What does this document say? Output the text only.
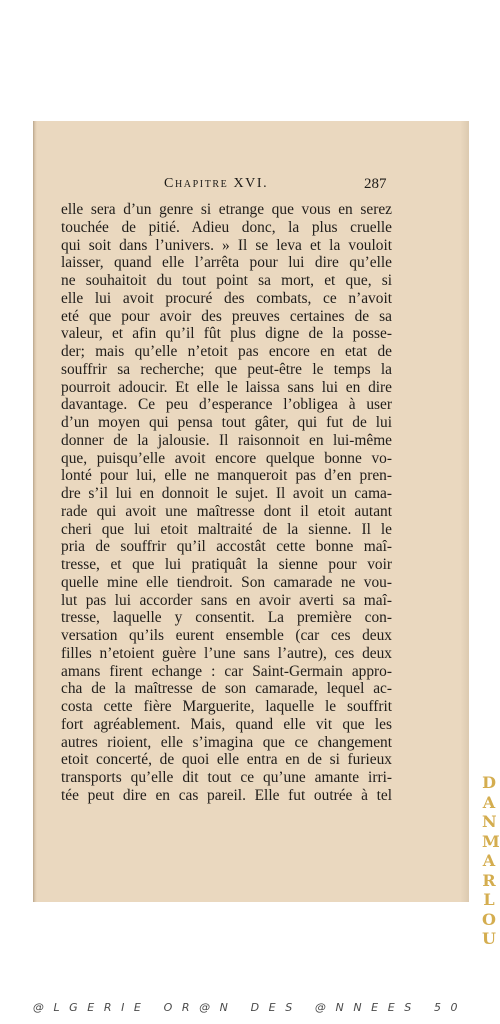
Chapitre XVI.	287
elle sera d’un genre si etrange que vous en serez
touchée de pitié. Adieu donc, la plus cruelle
qui soit dans l’univers. » Il se leva et la vouloit
laisser, quand elle l’arrêta pour lui dire qu’elle
ne souhaitoit du tout point sa mort, et que, si
elle lui avoit procuré des combats, ce n’avoit
eté que pour avoir des preuves certaines de sa
valeur, et afin qu’il fût plus digne de la posse-
der; mais qu’elle n’etoit pas encore en etat de
souffrir sa recherche; que peut-être le temps la
pourroit adoucir. Et elle le laissa sans lui en dire
davantage. Ce peu d’esperance l’obligea à user
d’un moyen qui pensa tout gâter, qui fut de lui
donner de la jalousie. Il raisonnoit en lui-même
que, puisqu’elle avoit encore quelque bonne vo-
lonté pour lui, elle ne manqueroit pas d’en pren-
dre s’il lui en donnoit le sujet. Il avoit un cama-
rade qui avoit une maîtresse dont il etoit autant
cheri que lui etoit maltraité de la sienne. Il le
pria de souffrir qu’il accostât cette bonne maî-
tresse, et que lui pratiquât la sienne pour voir
quelle mine elle tiendroit. Son camarade ne vou-
lut pas lui accorder sans en avoir averti sa maî-
tresse, laquelle y consentit. La première con-
versation qu’ils eurent ensemble (car ces deux
filles n’etoient guère l’une sans l’autre), ces deux
amans firent echange : car Saint-Germain appro-
cha de la maîtresse de son camarade, lequel ac-
costa cette fière Marguerite, laquelle le souffrit
fort agréablement. Mais, quand elle vit que les
autres rioient, elle s’imagina que ce changement
etoit concerté, de quoi elle entra en de si furieux
transports qu’elle dit tout ce qu’une amante irri-
tée peut dire en cas pareil. Elle fut outrée à tel
D
A
N
M
A
R
L
O
U
@LGERIE OR@N DES @NNEES 50
